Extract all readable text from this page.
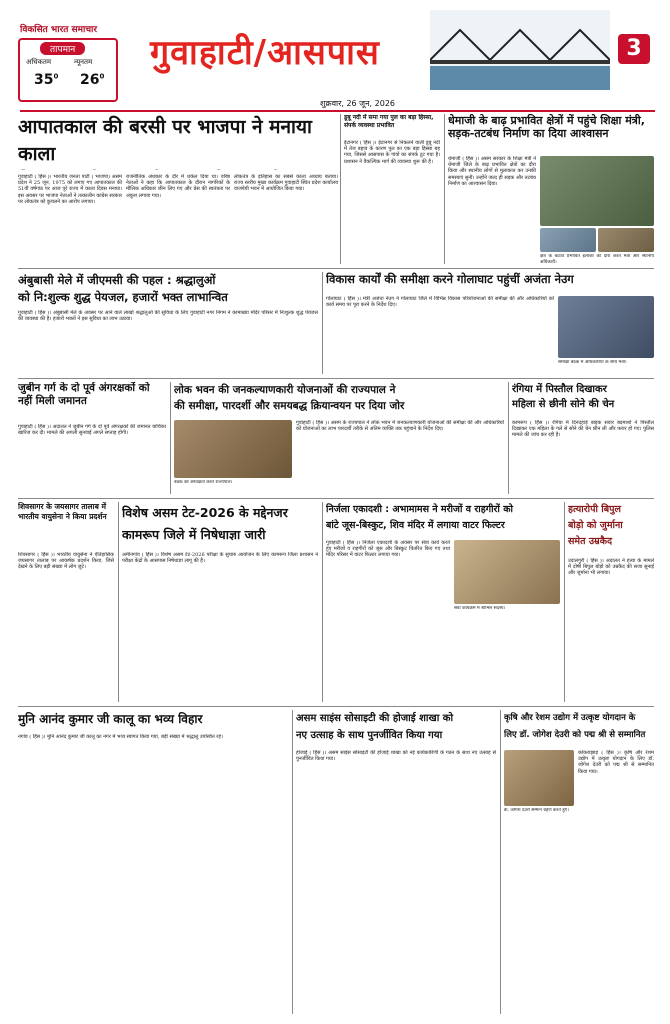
विकसित भारत समाचार
तापमान
अधिकतम	न्यूनतम
$35^0$ $26^0$
गुवाहाटी/आसपास	3
शुक्रवार, 26 जून, 2026
आपातकाल की बरसी पर भाजपा ने मनाया काला
गुवाहाटी ( हिंस )। भारतीय जनता पार्टी ( भाजपा) असम प्रदेश ने 25 जून, 1975 को लगाए गए आपातकाल की 51वीं वर्षगांठ पर आज पूरे राज्य में काला दिवस मनाया। इस अवसर पर भाजपा नेताओं ने तत्कालीन कांग्रेस सरकार पर लोकतंत्र को कुचलने का आरोप लगाया।
राजनीतिक अंधकार के दौर में धकेल दिया था। वरिष्ठ नेताओं ने कहा कि आपातकाल के दौरान नागरिकों के मौलिक अधिकार छीन लिए गए और प्रेस की स्वतंत्रता पर अंकुश लगाया गया।
लोकतंत्र के इतिहास का सबसे काला अध्याय बताया। राज्य स्तरीय मुख्य कार्यक्रम गुवाहाटी स्थित प्रदेश कार्यालय वाजपेयी भवन में आयोजित किया गया।
डूबू नदी में समा गया पुल का बड़ा हिस्सा, संपर्क व्यवस्था प्रभावित
ईटानगर ( हिंस )। ईटानगर से निकलने वाली डूबू नदी में तेज बहाव के कारण पुल का एक बड़ा हिस्सा बह गया, जिससे आसपास के गांवों का संपर्क टूट गया है। प्रशासन ने वैकल्पिक मार्ग की व्यवस्था शुरू की है।
धेमाजी के बाढ़ प्रभावित क्षेत्रों में पहुंचे शिक्षा मंत्री, सड़क-तटबंध निर्माण का दिया आश्वासन
धेमाजी ( हिंस )। असम सरकार के शिक्षा मंत्री ने धेमाजी जिले के बाढ़ प्रभावित क्षेत्रों का दौरा किया और स्थानीय लोगों से मुलाकात कर उनकी समस्याएं सुनीं। उन्होंने जल्द ही सड़क और तटबंध निर्माण का आश्वासन दिया।
क्षेत्र के कटाव प्रभावित इलाकों का दौरा करते मंत्री और स्थानीय अधिकारी।
अंबुबासी मेले में जीएमसी की पहल : श्रद्धालुओं
को नि:शुल्क शुद्ध पेयजल, हजारों भक्त लाभान्वित
गुवाहाटी ( हिंस )। अंबुबासी मेले के अवसर पर आने वाले लाखों श्रद्धालुओं की सुविधा के लिए गुवाहाटी नगर निगम ने कामाख्या मंदिर परिसर में निःशुल्क शुद्ध पेयजल की व्यवस्था की है। हजारों भक्तों ने इस सुविधा का लाभ उठाया।
विकास कार्यों की समीक्षा करने गोलाघाट पहुंचीं अजंता नेउग
गोलाघाट ( हिंस )। मंत्री अजंता नेउग ने गोलाघाट जिले में विभिन्न विकास परियोजनाओं की समीक्षा की और अधिकारियों को कार्य समय पर पूरा करने के निर्देश दिए।
समीक्षा बैठक में अधिकारियों के साथ मंत्री।
जुबीन गर्ग के दो पूर्व अंगरक्षकों को नहीं मिली जमानत
गुवाहाटी ( हिंस )। अदालत ने जुबीन गर्ग के दो पूर्व अंगरक्षकों की जमानत याचिका खारिज कर दी। मामले की अगली सुनवाई अगले सप्ताह होगी।
लोक भवन की जनकल्याणकारी योजनाओं की राज्यपाल ने
की समीक्षा, पारदर्शी और समयबद्ध क्रियान्वयन पर दिया जोर
बैठक की अध्यक्षता करते राज्यपाल।
गुवाहाटी ( हिंस )। असम के राज्यपाल ने लोक भवन में जनकल्याणकारी योजनाओं की समीक्षा की और अधिकारियों को योजनाओं का लाभ पारदर्शी तरीके से अंतिम व्यक्ति तक पहुंचाने के निर्देश दिए।
रंगिया में पिस्तौल दिखाकर
महिला से छीनी सोने की चेन
कामरूप ( हिंस )। रंगिया में दिनदहाड़े बाइक सवार बदमाशों ने पिस्तौल दिखाकर एक महिला के गले से सोने की चेन छीन ली और फरार हो गए। पुलिस मामले की जांच कर रही है।
शिवसागर के जयसागर तालाब में भारतीय वायुसेना ने किया प्रदर्शन
शिवसागर ( हिंस )। भारतीय वायुसेना ने ऐतिहासिक जयसागर तालाब पर आकर्षक प्रदर्शन किया, जिसे देखने के लिए बड़ी संख्या में लोग जुटे।
विशेष असम टेट-2026 के मद्देनजर
कामरूप जिले में निषेधाज्ञा जारी
अमीनगांव ( हिंस )। विशेष असम टेट-2026 परीक्षा के सुचारु आयोजन के लिए कामरूप जिला प्रशासन ने परीक्षा केंद्रों के आसपास निषेधाज्ञा लागू की है।
निर्जला एकादशी : अभामामस ने मरीजों व राहगीरों को
बांटे जूस-बिस्कुट, शिव मंदिर में लगाया वाटर फिल्टर
गुवाहाटी ( हिंस )। निर्जला एकादशी के अवसर पर सेवा कार्य करते हुए मरीजों व राहगीरों को जूस और बिस्कुट वितरित किए गए तथा मंदिर परिसर में वाटर फिल्टर लगाया गया।
सेवा कार्यक्रम में शामिल सदस्य।
हत्यारोपी बिपुल
बोड़ो को जुर्माना
समेत उम्रकैद
उदालगुरी ( हिंस )। अदालत ने हत्या के मामले में दोषी बिपुल बोड़ो को उम्रकैद की सजा सुनाई और जुर्माना भी लगाया।
मुनि आनंद कुमार जी कालू का भव्य विहार
नगांव ( हिंस )। मुनि आनंद कुमार जी कालू का नगर में भव्य स्वागत किया गया, बड़ी संख्या में श्रद्धालु उपस्थित रहे।
असम साइंस सोसाइटी की होजाई शाखा को
नए उत्साह के साथ पुनर्जीवित किया गया
होजाई ( हिंस )। असम साइंस सोसाइटी की होजाई शाखा को नई कार्यकारिणी के गठन के साथ नए उत्साह से पुनर्जीवित किया गया।
कृषि और रेशम उद्योग में उत्कृष्ट योगदान के
लिए डॉ. जोगेश देउरी को पद्म श्री से सम्मानित
डॉ. जोगेश देउरी सम्मान ग्रहण करते हुए।
कोकराझाड़ ( हिंस )। कृषि और रेशम उद्योग में उत्कृष्ट योगदान के लिए डॉ. जोगेश देउरी को पद्म श्री से सम्मानित किया गया।
